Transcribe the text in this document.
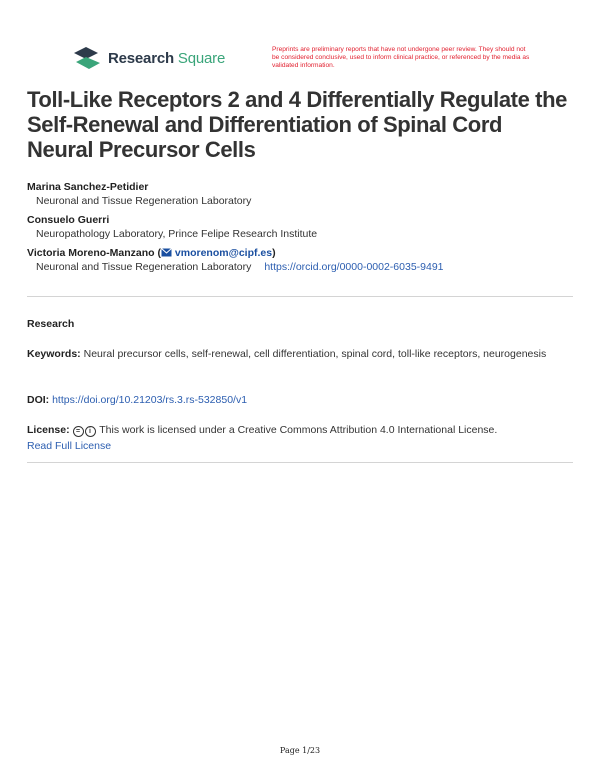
Research Square	Preprints are preliminary reports that have not undergone peer review. They should not be considered conclusive, used to inform clinical practice, or referenced by the media as validated information.
Toll-Like Receptors 2 and 4 Differentially Regulate the Self-Renewal and Differentiation of Spinal Cord Neural Precursor Cells
Marina Sanchez-Petidier
Neuronal and Tissue Regeneration Laboratory
Consuelo Guerri
Neuropathology Laboratory, Prince Felipe Research Institute
Victoria Moreno-Manzano ( vmorenom@cipf.es)
Neuronal and Tissue Regeneration Laboratory https://orcid.org/0000-0002-6035-9491
Research
Keywords: Neural precursor cells, self-renewal, cell differentiation, spinal cord, toll-like receptors, neurogenesis
DOI: https://doi.org/10.21203/rs.3.rs-532850/v1
License: = i This work is licensed under a Creative Commons Attribution 4.0 International License.
Read Full License
Page 1/23
